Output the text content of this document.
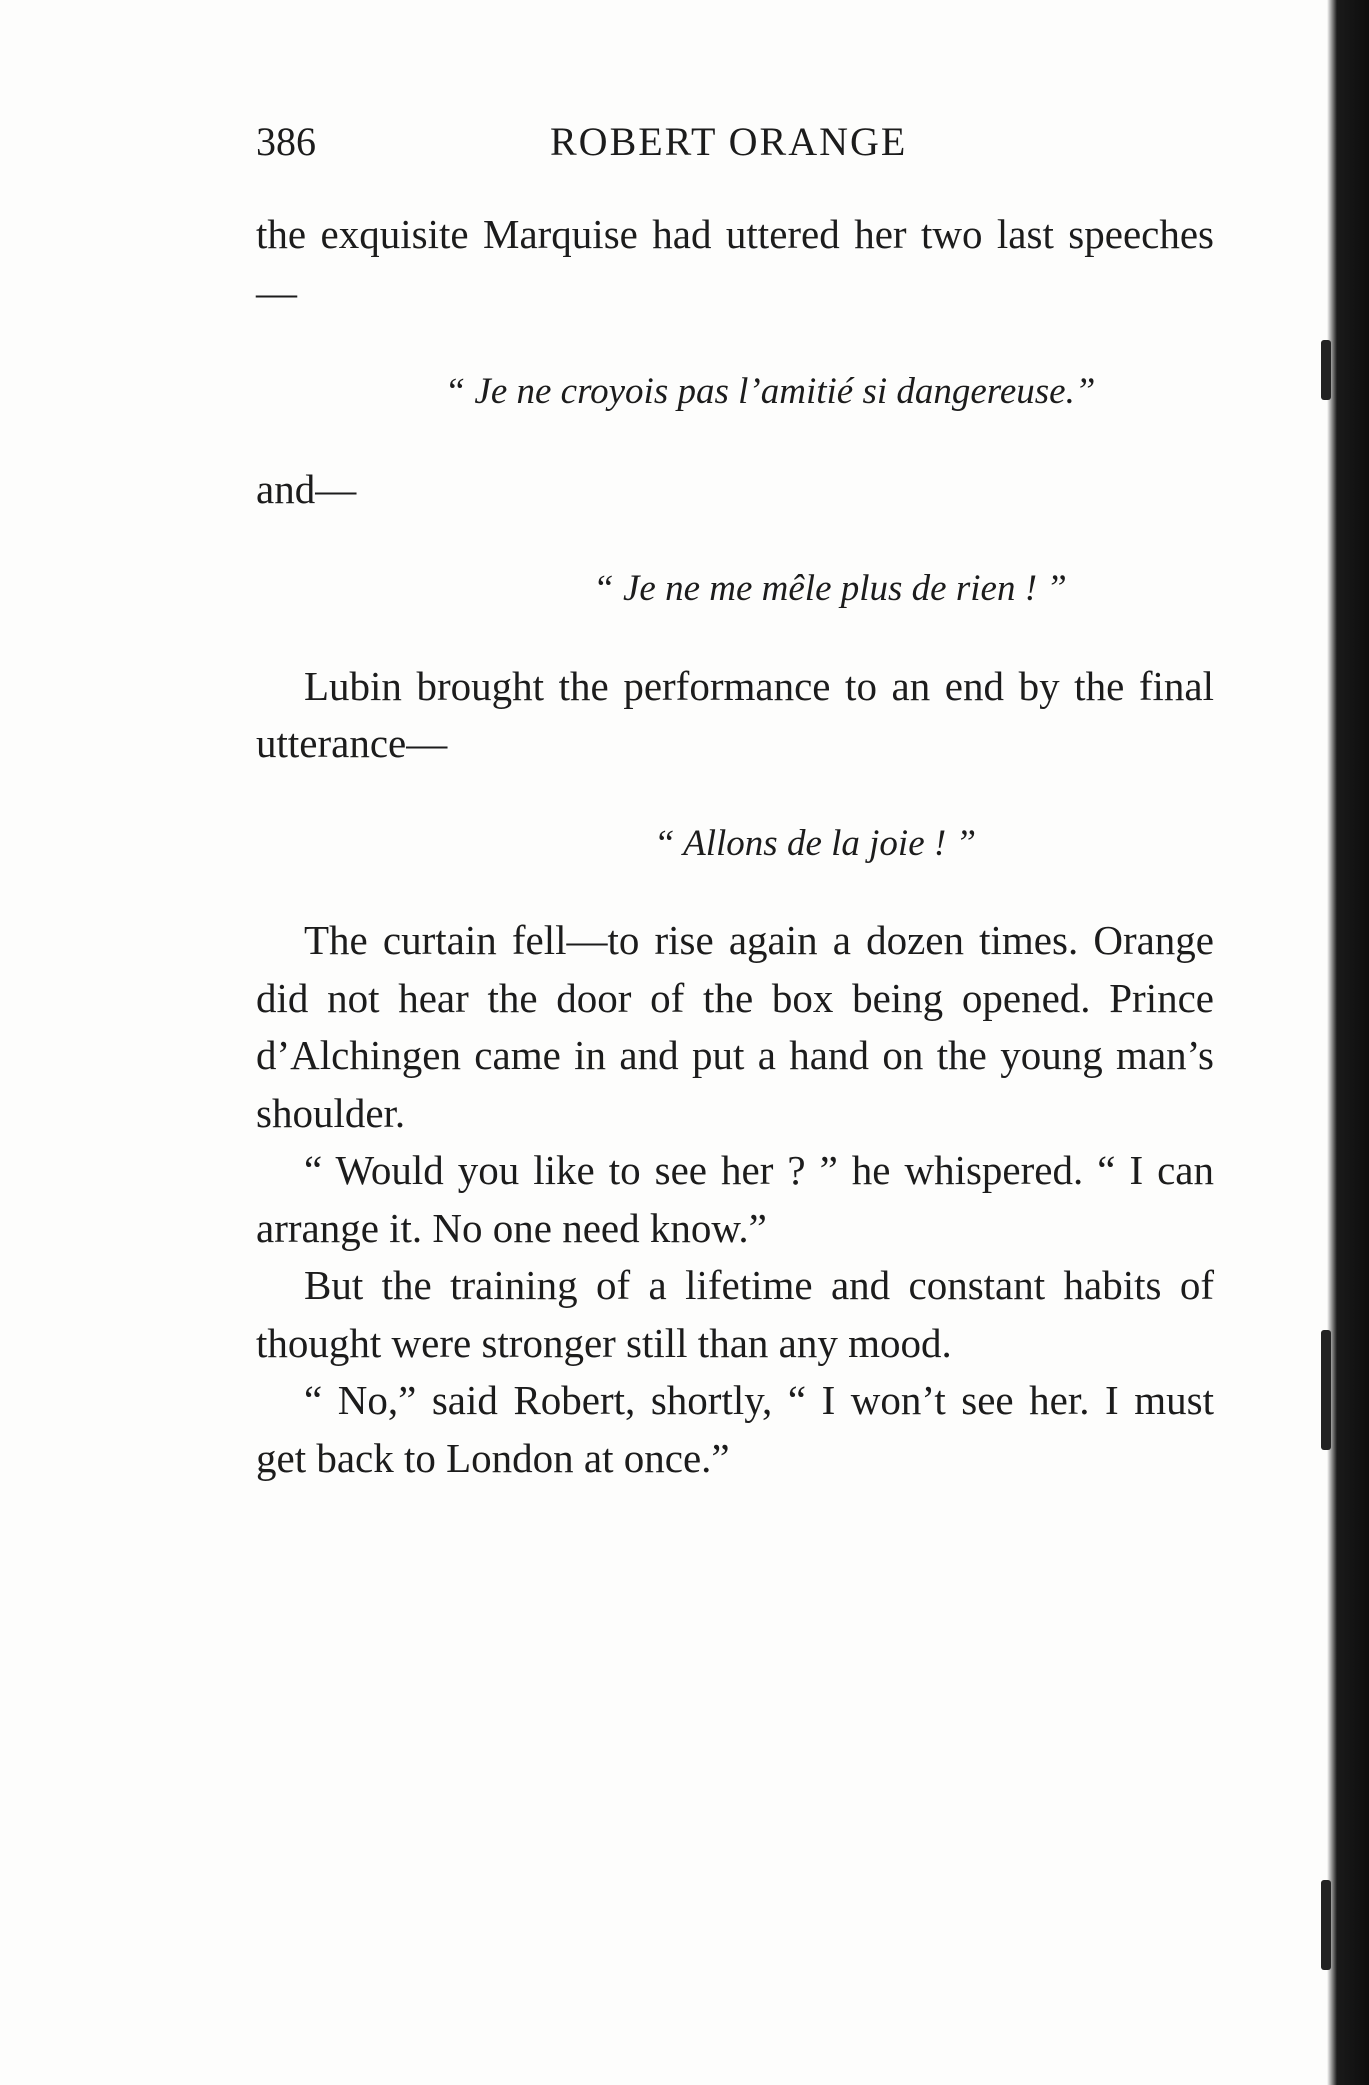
386	ROBERT ORANGE

the exquisite Marquise had uttered her two last speeches—

“ Je ne croyois pas l’amitié si dangereuse.”

and—

“ Je ne me mêle plus de rien ! ”

Lubin brought the performance to an end by the final utterance—

“ Allons de la joie ! ”

The curtain fell—to rise again a dozen times. Orange did not hear the door of the box being opened. Prince d’Alchingen came in and put a hand on the young man’s shoulder.

“ Would you like to see her ? ” he whispered. “ I can arrange it. No one need know.”

But the training of a lifetime and constant habits of thought were stronger still than any mood.

“ No,” said Robert, shortly, “ I won’t see her. I must get back to London at once.”
